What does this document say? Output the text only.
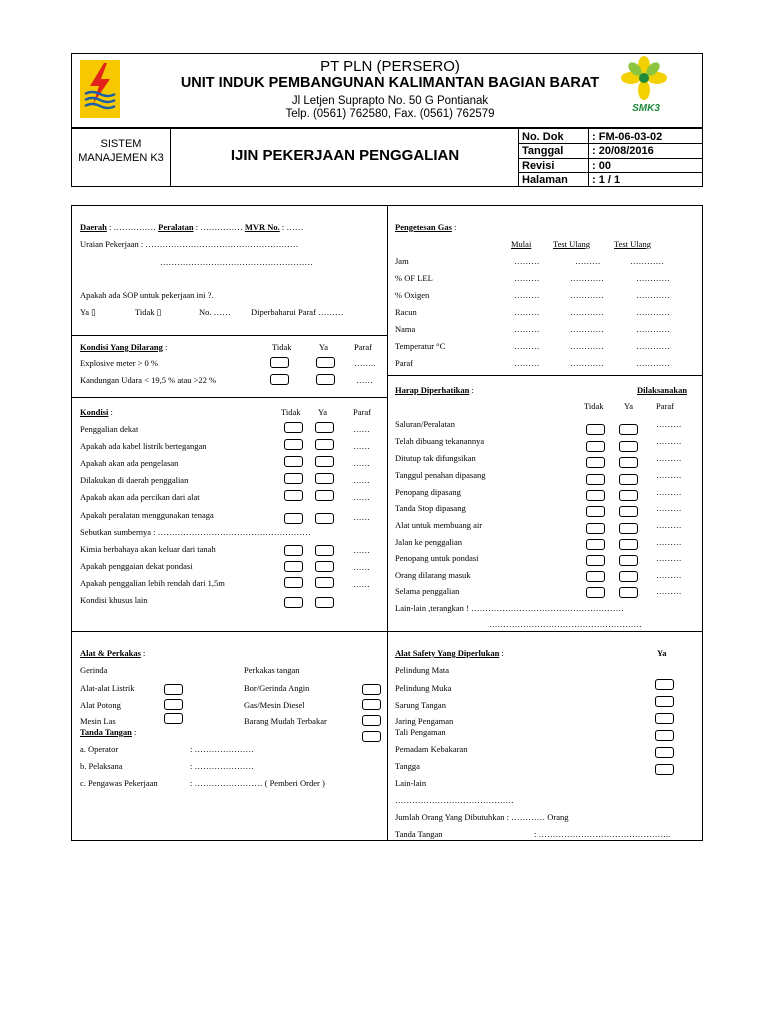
PT PLN (PERSERO)
UNIT INDUK PEMBANGUNAN KALIMANTAN BAGIAN BARAT
Jl Letjen Suprapto No. 50 G Pontianak
Telp. (0561) 762580, Fax. (0561) 762579	SMK3
SISTEM MANAJEMEN K3	IJIN PEKERJAAN PENGGALIAN
No. Dok	: FM-06-03-02
Tanggal	: 20/08/2016
Revisi	: 00
Halaman : 1 / 1
Daerah : …………… Peralatan : …………… MVR No. : ……
Uraian Pekerjaan : ………………………………………………
………………………………………………
Apakah ada SOP untuk pekerjaan ini ?.
Ya ▯	Tidak ▯	No. …… Diperbaharui Paraf ………
Kondisi Yang Dilarang :	Tidak	Ya	Paraf
Explosive meter > 0 %	……..
Kandungan Udara < 19,5 % atau >22 %	……
Kondisi :	Tidak Ya	Paraf
Penggalian dekat	……
Apakah ada kabel listrik bertegangan	……
Apakah akan ada pengelasan	……
Dilakukan di daerah penggalian	……
Apakah akan ada percikan dari alat	……
Apakah peralatan menggunakan tenaga	……
Sebutkan sumbernya : ………………………………………………
Kimia berbahaya akan keluar dari tanah	……
Apakah penggaian dekat pondasi	……
Apakah penggalian lebih rendah dari 1,5m	……
Kondisi khusus lain
Pengetesan Gas :
Mulai	Test Ulang	Test Ulang
Jam	………	………	…………
% OF LEL	………	…………	…………
% Oxigen	………	…………	…………
Racun	………	…………	…………
Nama	………	…………	…………
Temperatur °C	………	…………	…………
Paraf	………	…………	…………
Harap Diperhatikan :	Dilaksanakan
Tidak Ya	Paraf
Saluran/Peralatan	………
Telah dibuang tekanannya	………
Ditutup tak difungsikan	………
Tanggul penahan dipasang	………
Penopang dipasang	………
Tanda Stop dipasang	………
Alat untuk membuang air	………
Jalan ke penggalian	………
Penopang untuk pondasi	………
Orang dilarang masuk	………
Selama penggalian	………
Lain-lain ,terangkan ! ………………………………………………
………………………………………………
Alat & Perkakas :
Gerinda	Perkakas tangan
Alat-alat Listrik	Bor/Gerinda Angin
Alat Potong	Gas/Mesin Diesel
Mesin Las	Barang Mudah Terbakar
Tanda Tangan :
a. Operator	: …………………
b. Pelaksana	: …………………
c. Pengawas Pekerjaan	: …………………… ( Pemberi Order )
Alat Safety Yang Diperlukan :	Ya
Pelindung Mata
Pelindung Muka
Sarung Tangan
Jaring Pengaman
Tali Pengaman
Pemadam Kebakaran
Tangga
Lain-lain
……………………………………
Jumlah Orang Yang Dibutuhkan : ………… Orang
Tanda Tangan	: ………………………………………..
